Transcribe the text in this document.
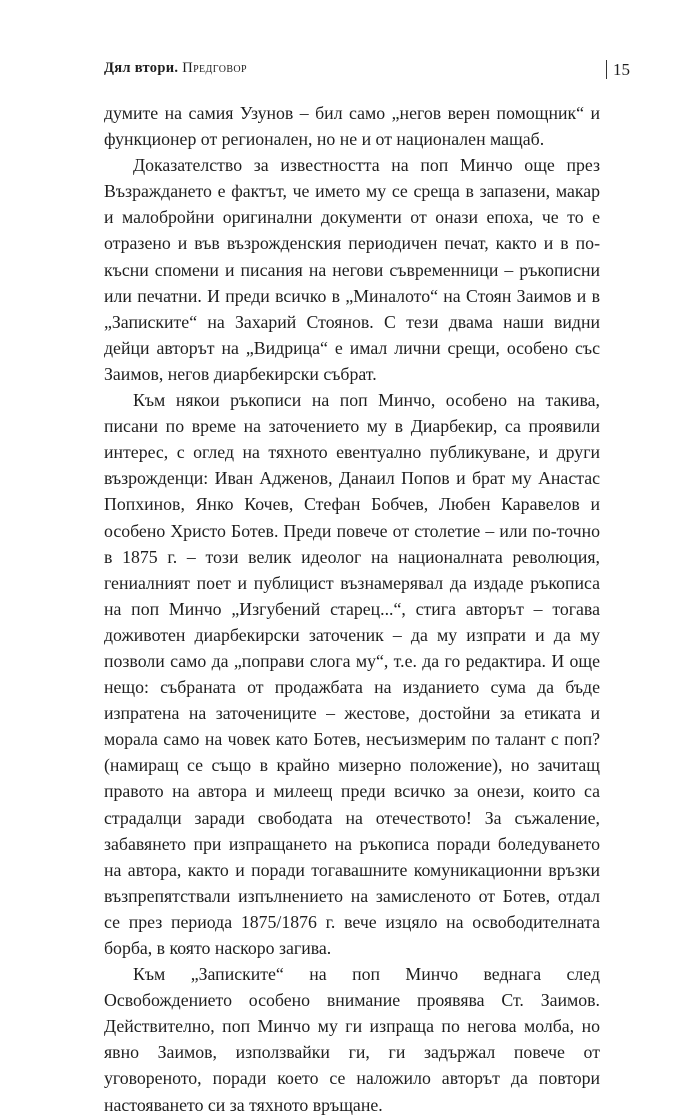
Дял втори. Предговор	15

думите на самия Узунов – бил само „негов верен помощник“ и функционер от регионален, но не и от национален мащаб.

Доказателство за известността на поп Минчо още през Възраждането е фактът, че името му се среща в запазени, макар и малобройни оригинални документи от онази епоха, че то е отразено и във възрожденския периодичен печат, както и в по-късни спомени и писания на негови съвременници – ръкописни или печатни. И преди всичко в „Миналото“ на Стоян Заимов и в „Записките“ на Захарий Стоянов. С тези двама наши видни дейци авторът на „Видрица“ е имал лични срещи, особено със Заимов, негов диарбекирски събрат.

Към някои ръкописи на поп Минчо, особено на такива, писани по време на заточението му в Диарбекир, са проявили интерес, с оглед на тяхното евентуално публикуване, и други възрожденци: Иван Адженов, Данаил Попов и брат му Анастас Попхинов, Янко Кочев, Стефан Бобчев, Любен Каравелов и особено Христо Ботев. Преди повече от столетие – или по-точно в 1875 г. – този велик идеолог на националната революция, гениалният поет и публицист възнамерявал да издаде ръкописа на поп Минчо „Изгубений старец...“, стига авторът – тогава доживотен диарбекирски заточеник – да му изпрати и да му позволи само да „поправи слога му“, т.е. да го редактира. И още нещо: събраната от продажбата на изданието сума да бъде изпратена на заточениците – жестове, достойни за етиката и морала само на човек като Ботев, несъизмерим по талант с поп? (намиращ се също в крайно мизерно положение), но зачитащ правото на автора и милеещ преди всичко за онези, които са страдалци заради свободата на отечеството! За съжаление, забавянето при изпращането на ръкописа поради боледуването на автора, както и поради тогавашните комуникационни връзки възпрепятствали изпълнението на замисленото от Ботев, отдал се през периода 1875/1876 г. вече изцяло на освободителната борба, в която наскоро загива.

Към „Записките“ на поп Минчо веднага след Освобождението особено внимание проявява Ст. Заимов. Действително, поп Минчо му ги изпраща по негова молба, но явно Заимов, използвайки ги, ги задържал повече от уговореното, поради което се наложило авторът да повтори настояването си за тяхното връщане.
